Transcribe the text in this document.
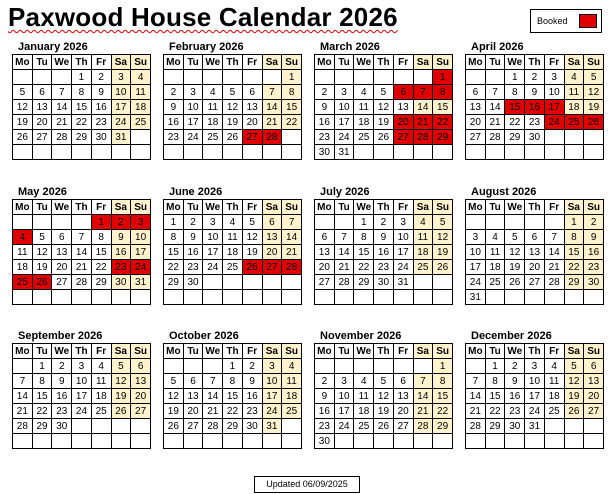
Paxwood House Calendar 2026	Booked
January 2026
Mo	Tu	We	Th	Fr	Sa	Su
			1	2	3	4
5	6	7	8	9	10	11
12	13	14	15	16	17	18
19	20	21	22	23	24	25
26	27	28	29	30	31	

February 2026
Mo	Tu	We	Th	Fr	Sa	Su
						1
2	3	4	5	6	7	8
9	10	11	12	13	14	15
16	17	18	19	20	21	22
23	24	25	26	27	28	

March 2026
Mo	Tu	We	Th	Fr	Sa	Su
						1
2	3	4	5	6	7	8
9	10	11	12	13	14	15
16	17	18	19	20	21	22
23	24	25	26	27	28	29
30	31					
April 2026
Mo	Tu	We	Th	Fr	Sa	Su
		1	2	3	4	5
6	7	8	9	10	11	12
13	14	15	16	17	18	19
20	21	22	23	24	25	26
27	28	29	30			

May 2026
Mo	Tu	We	Th	Fr	Sa	Su
				1	2	3
4	5	6	7	8	9	10
11	12	13	14	15	16	17
18	19	20	21	22	23	24
25	26	27	28	29	30	31

June 2026
Mo	Tu	We	Th	Fr	Sa	Su
1	2	3	4	5	6	7
8	9	10	11	12	13	14
15	16	17	18	19	20	21
22	23	24	25	26	27	28
29	30					

July 2026
Mo	Tu	We	Th	Fr	Sa	Su
		1	2	3	4	5
6	7	8	9	10	11	12
13	14	15	16	17	18	19
20	21	22	23	24	25	26
27	28	29	30	31		

August 2026
Mo	Tu	We	Th	Fr	Sa	Su
					1	2
3	4	5	6	7	8	9
10	11	12	13	14	15	16
17	18	19	20	21	22	23
24	25	26	27	28	29	30
31						
September 2026
Mo	Tu	We	Th	Fr	Sa	Su
	1	2	3	4	5	6
7	8	9	10	11	12	13
14	15	16	17	18	19	20
21	22	23	24	25	26	27
28	29	30				

October 2026
Mo	Tu	We	Th	Fr	Sa	Su
			1	2	3	4
5	6	7	8	9	10	11
12	13	14	15	16	17	18
19	20	21	22	23	24	25
26	27	28	29	30	31	

November 2026
Mo	Tu	We	Th	Fr	Sa	Su
						1
2	3	4	5	6	7	8
9	10	11	12	13	14	15
16	17	18	19	20	21	22
23	24	25	26	27	28	29
30						
December 2026
Mo	Tu	We	Th	Fr	Sa	Su
	1	2	3	4	5	6
7	8	9	10	11	12	13
14	15	16	17	18	19	20
21	22	23	24	25	26	27
28	29	30	31			

Updated 06/09/2025
